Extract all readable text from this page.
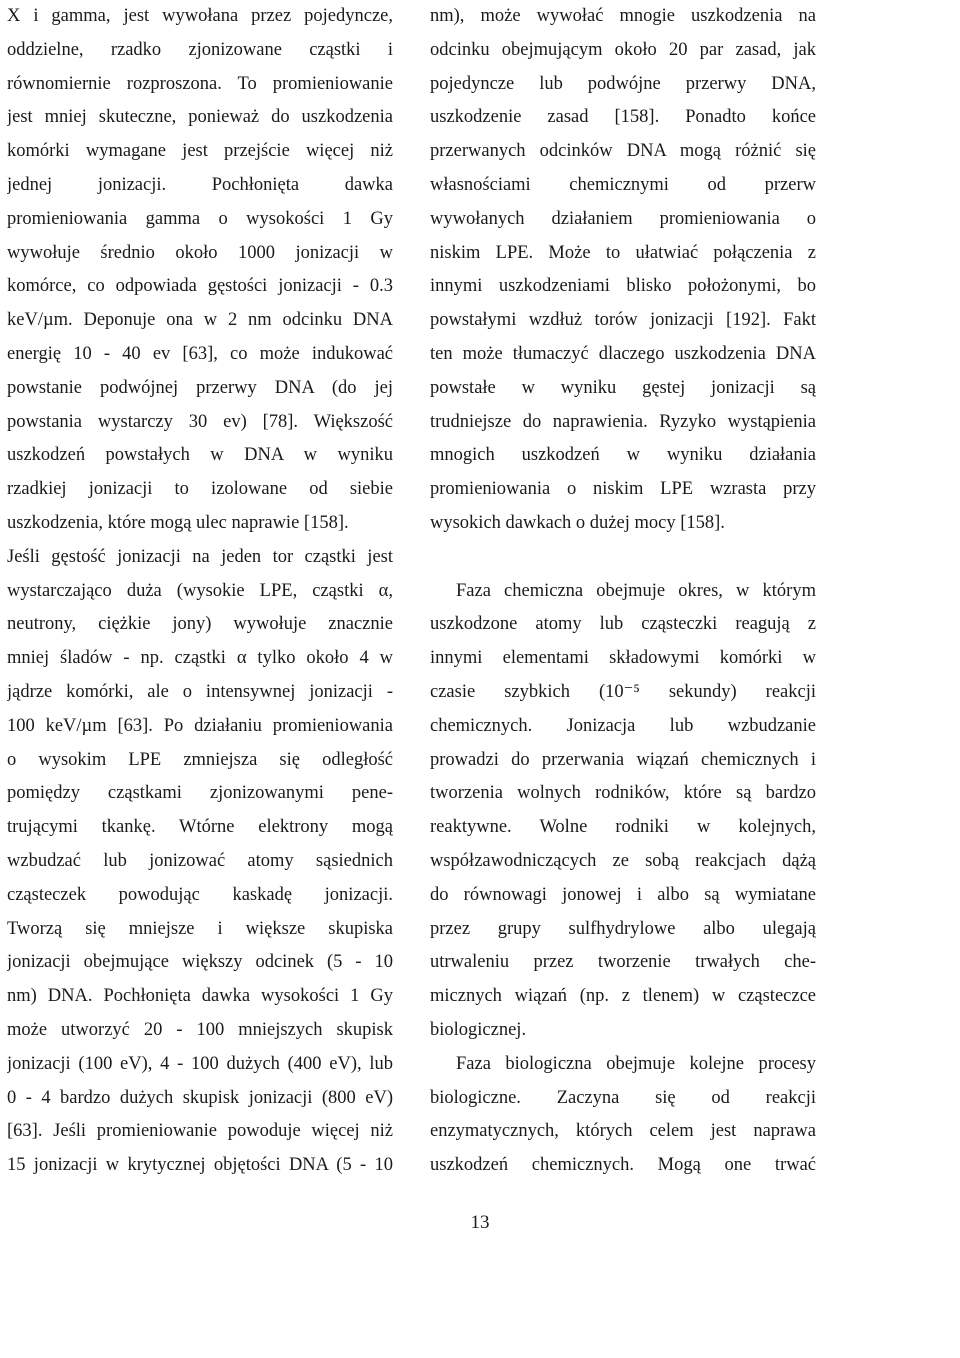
X i gamma, jest wywołana przez pojedyncze,
oddzielne, rzadko zjonizowane cząstki i
równomiernie rozproszona. To promieniowanie
jest mniej skuteczne, ponieważ do uszkodzenia
komórki wymagane jest przejście więcej niż
jednej jonizacji. Pochłonięta dawka
promieniowania gamma o wysokości 1 Gy
wywołuje średnio około 1000 jonizacji w
komórce, co odpowiada gęstości jonizacji - 0.3
keV/µm. Deponuje ona w 2 nm odcinku DNA
energię 10 - 40 ev [63], co może indukować
powstanie podwójnej przerwy DNA (do jej
powstania wystarczy 30 ev) [78]. Większość
uszkodzeń powstałych w DNA w wyniku
rzadkiej jonizacji to izolowane od siebie
uszkodzenia, które mogą ulec naprawie [158].
Jeśli gęstość jonizacji na jeden tor cząstki jest
wystarczająco duża (wysokie LPE, cząstki α,
neutrony, ciężkie jony) wywołuje znacznie
mniej śladów - np. cząstki α tylko około 4 w
jądrze komórki, ale o intensywnej jonizacji -
100 keV/µm [63]. Po działaniu promieniowania
o wysokim LPE zmniejsza się odległość
pomiędzy cząstkami zjonizowanymi pene-
trującymi tkankę. Wtórne elektrony mogą
wzbudzać lub jonizować atomy sąsiednich
cząsteczek powodując kaskadę jonizacji.
Tworzą się mniejsze i większe skupiska
jonizacji obejmujące większy odcinek (5 - 10
nm) DNA. Pochłonięta dawka wysokości 1 Gy
może utworzyć 20 - 100 mniejszych skupisk
jonizacji (100 eV), 4 - 100 dużych (400 eV), lub
0 - 4 bardzo dużych skupisk jonizacji (800 eV)
[63]. Jeśli promieniowanie powoduje więcej niż
15 jonizacji w krytycznej objętości DNA (5 - 10
nm), może wywołać mnogie uszkodzenia na
odcinku obejmującym około 20 par zasad, jak
pojedyncze lub podwójne przerwy DNA,
uszkodzenie zasad [158]. Ponadto końce
przerwanych odcinków DNA mogą różnić się
własnościami chemicznymi od przerw
wywołanych działaniem promieniowania o
niskim LPE. Może to ułatwiać połączenia z
innymi uszkodzeniami blisko położonymi, bo
powstałymi wzdłuż torów jonizacji [192]. Fakt
ten może tłumaczyć dlaczego uszkodzenia DNA
powstałe w wyniku gęstej jonizacji są
trudniejsze do naprawienia. Ryzyko wystąpienia
mnogich uszkodzeń w wyniku działania
promieniowania o niskim LPE wzrasta przy
wysokich dawkach o dużej mocy [158].
Faza chemiczna obejmuje okres, w którym
uszkodzone atomy lub cząsteczki reagują z
innymi elementami składowymi komórki w
czasie szybkich (10⁻⁵ sekundy) reakcji
chemicznych. Jonizacja lub wzbudzanie
prowadzi do przerwania wiązań chemicznych i
tworzenia wolnych rodników, które są bardzo
reaktywne. Wolne rodniki w kolejnych,
współzawodniczących ze sobą reakcjach dążą
do równowagi jonowej i albo są wymiatane
przez grupy sulfhydrylowe albo ulegają
utrwaleniu przez tworzenie trwałych che-
micznych wiązań (np. z tlenem) w cząsteczce
biologicznej.
Faza biologiczna obejmuje kolejne procesy
biologiczne. Zaczyna się od reakcji
enzymatycznych, których celem jest naprawa
uszkodzeń chemicznych. Mogą one trwać
13
